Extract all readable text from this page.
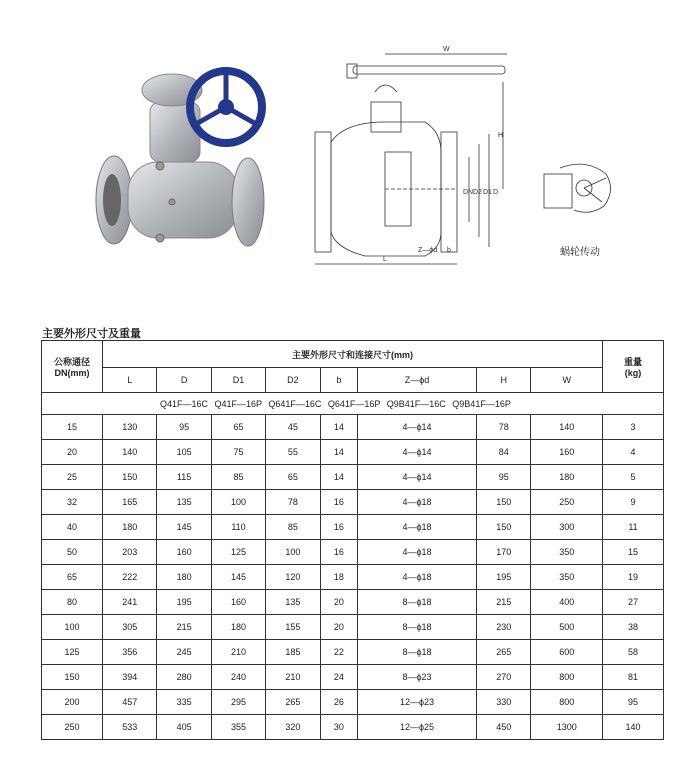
W
H
DN D2 D1 D
L
Z—ϕd b	蜗轮传动
主要外形尺寸及重量
公称通径
DN(mm)	主要外形尺寸和连接尺寸(mm)								重量
(kg)
	L	D	D1	D2	b	Z—ϕd	H	W	
Q41F—16C Q41F—16P Q641F—16C Q641F—16P Q9B41F—16C Q9B41F—16P									
15	130	95	65	45	14	4—ϕ14	78	140	3
20	140	105	75	55	14	4—ϕ14	84	160	4
25	150	115	85	65	14	4—ϕ14	95	180	5
32	165	135	100	78	16	4—ϕ18	150	250	9
40	180	145	110	85	16	4—ϕ18	150	300	11
50	203	160	125	100	16	4—ϕ18	170	350	15
65	222	180	145	120	18	4—ϕ18	195	350	19
80	241	195	160	135	20	8—ϕ18	215	400	27
100	305	215	180	155	20	8—ϕ18	230	500	38
125	356	245	210	185	22	8—ϕ18	265	600	58
150	394	280	240	210	24	8—ϕ23	270	800	81
200	457	335	295	265	26	12—ϕ23	330	800	95
250	533	405	355	320	30	12—ϕ25	450	1300	140
